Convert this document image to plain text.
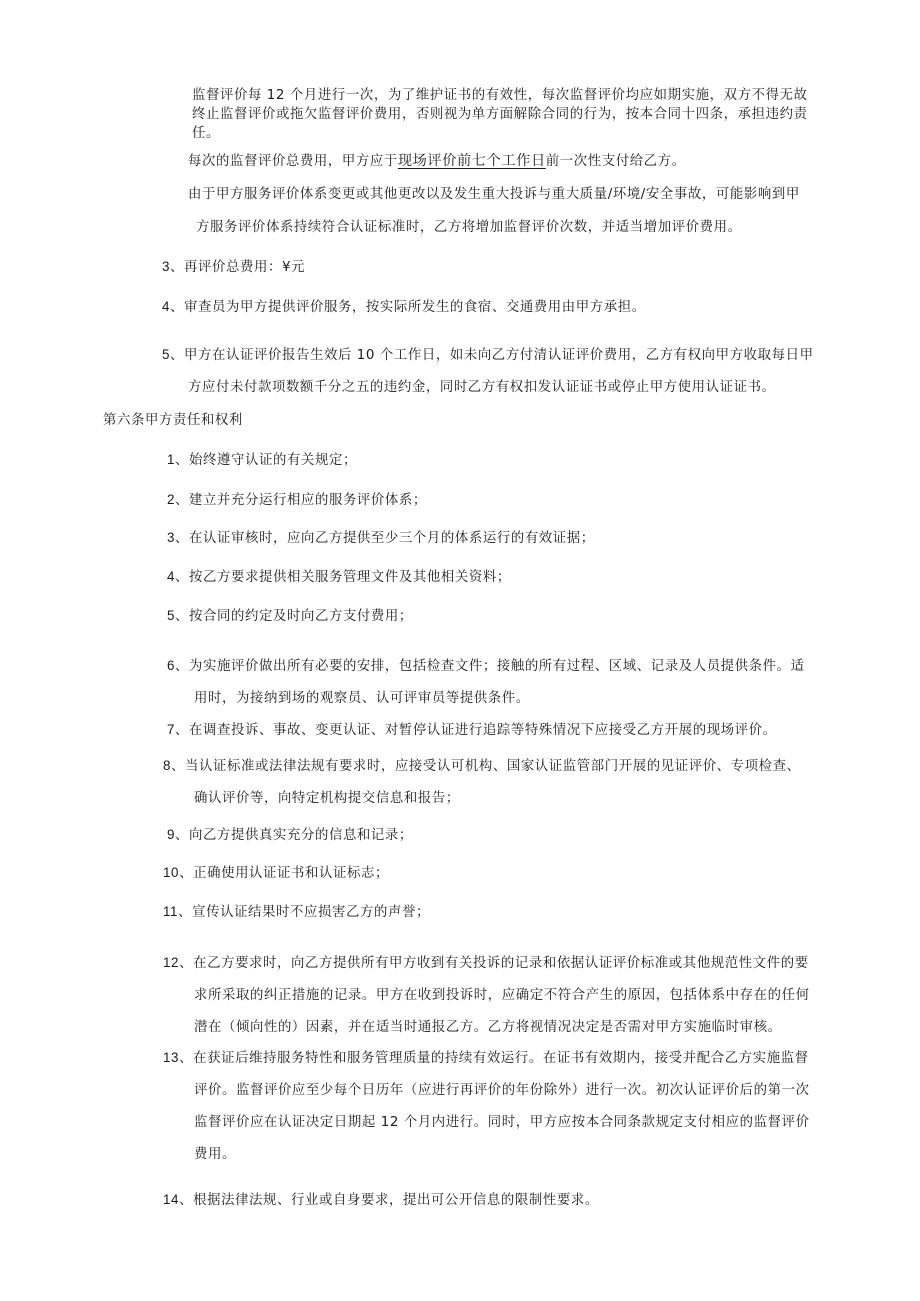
监督评价每 12 个月进行一次，为了维护证书的有效性，每次监督评价均应如期实施，双方不得无故
终止监督评价或拖欠监督评价费用，否则视为单方面解除合同的行为，按本合同十四条，承担违约责
任。
每次的监督评价总费用，甲方应于现场评价前七个工作日前一次性支付给乙方。
由于甲方服务评价体系变更或其他更改以及发生重大投诉与重大质量/环境/安全事故，可能影响到甲
方服务评价体系持续符合认证标准时，乙方将增加监督评价次数，并适当增加评价费用。
3、再评价总费用：¥元
4、审查员为甲方提供评价服务，按实际所发生的食宿、交通费用由甲方承担。
5、甲方在认证评价报告生效后 10 个工作日，如未向乙方付清认证评价费用，乙方有权向甲方收取每日甲
方应付未付款项数额千分之五的违约金，同时乙方有权扣发认证证书或停止甲方使用认证证书。
第六条甲方责任和权利
1、始终遵守认证的有关规定；
2、建立并充分运行相应的服务评价体系；
3、在认证审核时，应向乙方提供至少三个月的体系运行的有效证据；
4、按乙方要求提供相关服务管理文件及其他相关资料；
5、按合同的约定及时向乙方支付费用；
6、为实施评价做出所有必要的安排，包括检查文件；接触的所有过程、区域、记录及人员提供条件。适
用时，为接纳到场的观察员、认可评审员等提供条件。
7、在调查投诉、事故、变更认证、对暂停认证进行追踪等特殊情况下应接受乙方开展的现场评价。
8、当认证标准或法律法规有要求时，应接受认可机构、国家认证监管部门开展的见证评价、专项检查、
确认评价等，向特定机构提交信息和报告；
9、向乙方提供真实充分的信息和记录；
10、正确使用认证证书和认证标志；
11、宣传认证结果时不应损害乙方的声誉；
12、在乙方要求时，向乙方提供所有甲方收到有关投诉的记录和依据认证评价标准或其他规范性文件的要
求所采取的纠正措施的记录。甲方在收到投诉时，应确定不符合产生的原因，包括体系中存在的任何
潜在（倾向性的）因素，并在适当时通报乙方。乙方将视情况决定是否需对甲方实施临时审核。
13、在获证后维持服务特性和服务管理质量的持续有效运行。在证书有效期内，接受并配合乙方实施监督
评价。监督评价应至少每个日历年（应进行再评价的年份除外）进行一次。初次认证评价后的第一次
监督评价应在认证决定日期起 12 个月内进行。同时，甲方应按本合同条款规定支付相应的监督评价
费用。
14、根据法律法规、行业或自身要求，提出可公开信息的限制性要求。
